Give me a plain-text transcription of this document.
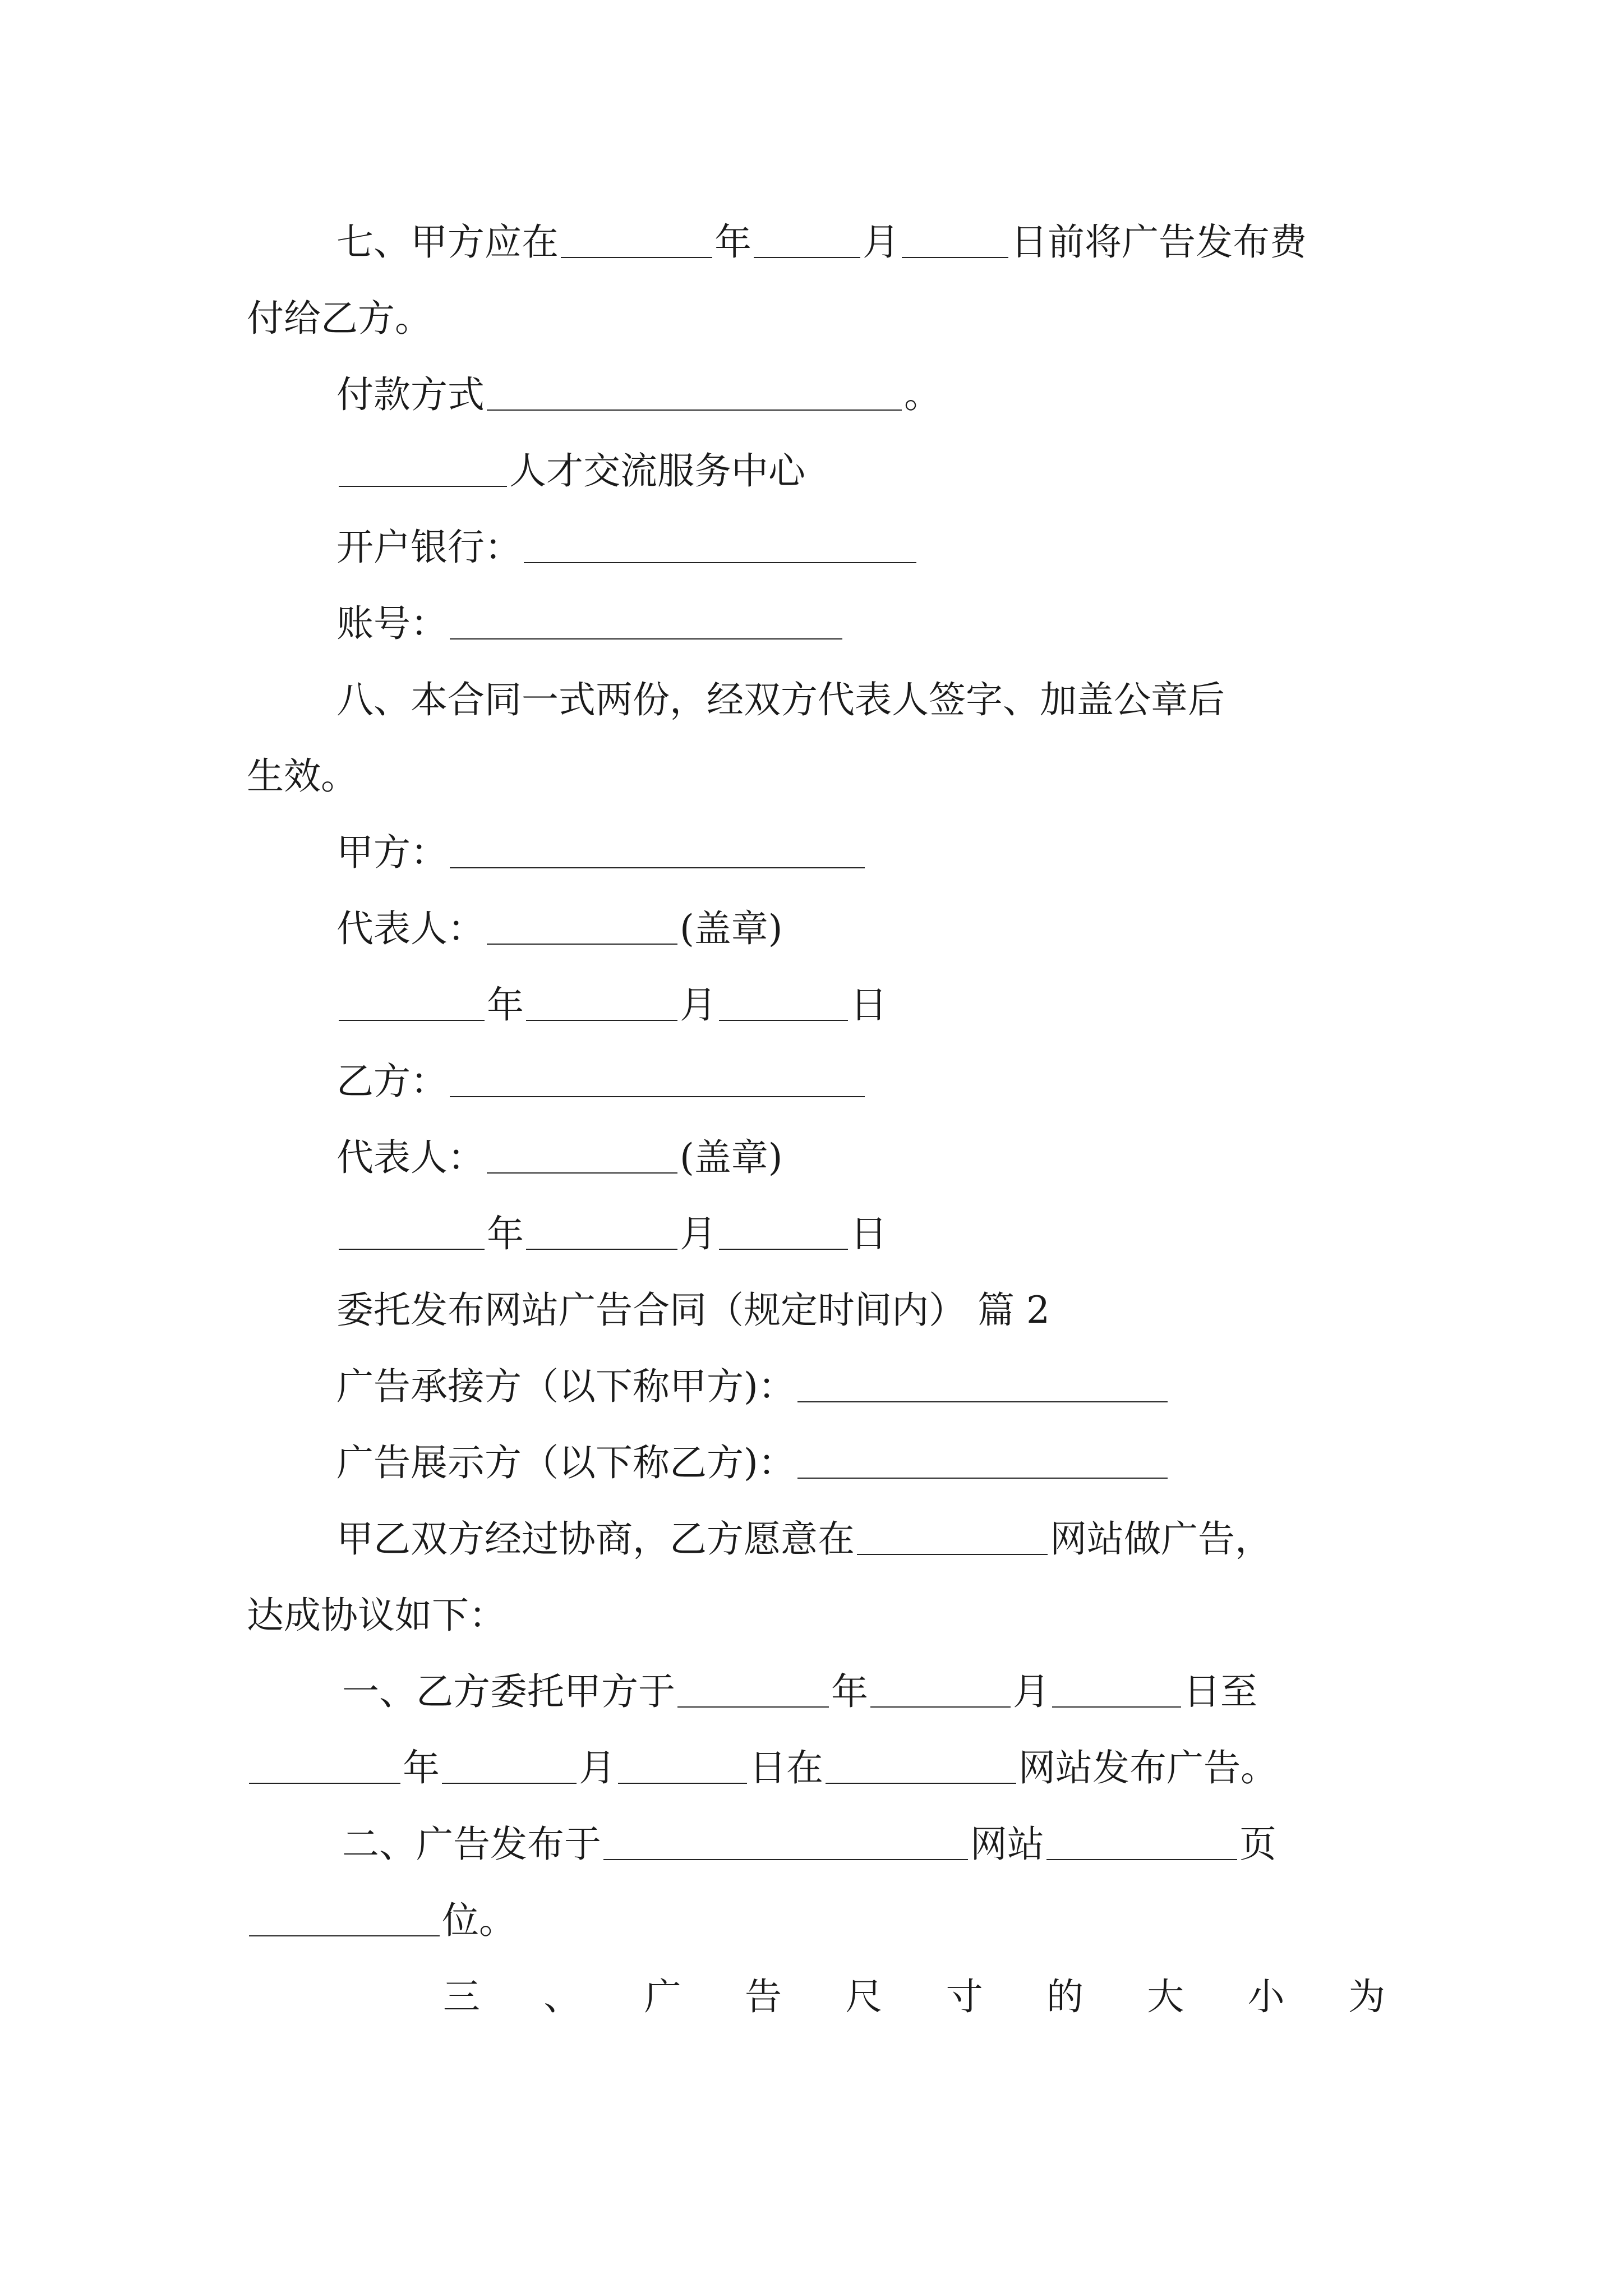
七、甲方应在	年	月	日前将广告发布费
付给乙方。
付款方式	。
人才交流服务中心
开户银行：
账号：
八、本合同一式两份，经双方代表人签字、加盖公章后
生效。
甲方：
代表人：	(盖章)
年	月	日
乙方：
代表人：	(盖章)
年	月	日
委托发布网站广告合同（规定时间内） 篇 2
广告承接方（以下称甲方)：
广告展示方（以下称乙方)：
甲乙双方经过协商，乙方愿意在	网站做广告，
达成协议如下：
一、乙方委托甲方于	年	月	日至
年	月	日在	网站发布广告。
二、广告发布于	网站	页
位。
三 、 广 告 尺 寸 的 大 小 为
